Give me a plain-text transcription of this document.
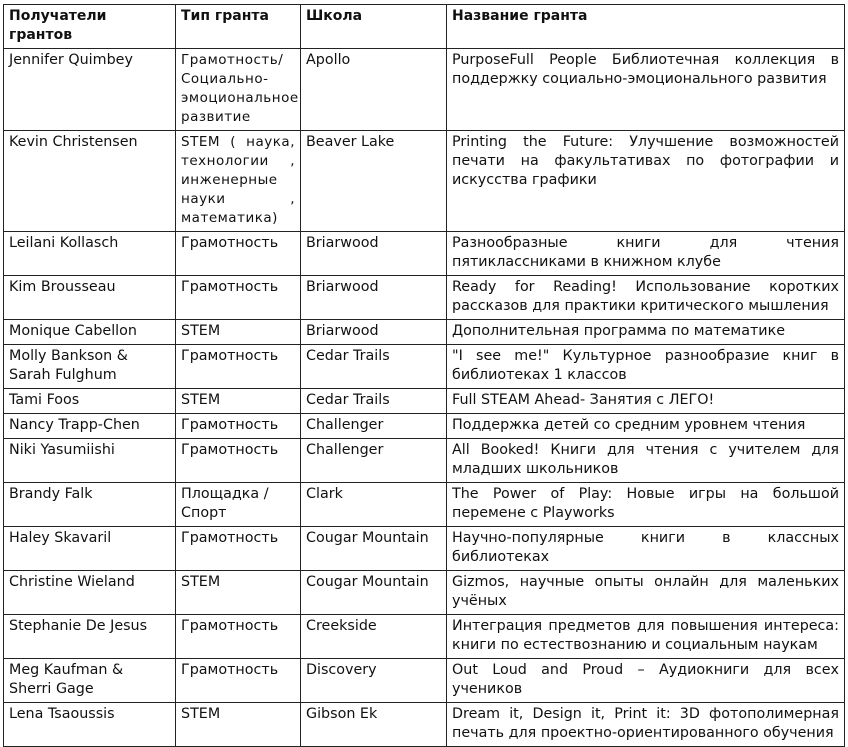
Получатели грантов	Тип гранта	Школа	Название гранта
Jennifer Quimbey	Грамотность/ Социально-эмоциональное развитие	Apollo	PurposeFull People Библиотечная коллекция в поддержку социально-эмоционального развития
Kevin Christensen	STEM ( наука, технологии , инженерные науки , математика)	Beaver Lake	Printing the Future: Улучшение возможностей печати на факультативах по фотографии и искусства графики
Leilani Kollasch	Грамотность	Briarwood	Разнообразные книги для чтения пятиклассниками в книжном клубе
Kim Brousseau	Грамотность	Briarwood	Ready for Reading! Использование коротких рассказов для практики критического мышления
Monique Cabellon	STEM	Briarwood	Дополнительная программа по математике
Molly Bankson & Sarah Fulghum	Грамотность	Cedar Trails	"I see me!" Культурное разнообразие книг в библиотеках 1 классов
Tami Foos	STEM	Cedar Trails	Full STEAM Ahead- Занятия с ЛЕГО!
Nancy Trapp-Chen	Грамотность	Challenger	Поддержка детей со средним уровнем чтения
Niki Yasumiishi	Грамотность	Challenger	All Booked! Книги для чтения с учителем для младших школьников
Brandy Falk	Площадка / Спорт	Clark	The Power of Play: Новые игры на большой перемене с Playworks
Haley Skavaril	Грамотность	Cougar Mountain	Научно-популярные книги в классных библиотеках
Christine Wieland	STEM	Cougar Mountain	Gizmos, научные опыты онлайн для маленьких учёных
Stephanie De Jesus	Грамотность	Creekside	Интеграция предметов для повышения интереса: книги по естествознанию и социальным наукам
Meg Kaufman & Sherri Gage	Грамотность	Discovery	Out Loud and Proud – Аудиокниги для всех учеников
Lena Tsaoussis	STEM	Gibson Ek	Dream it, Design it, Print it: 3D фотополимерная печать для проектно-ориентированного обучения
